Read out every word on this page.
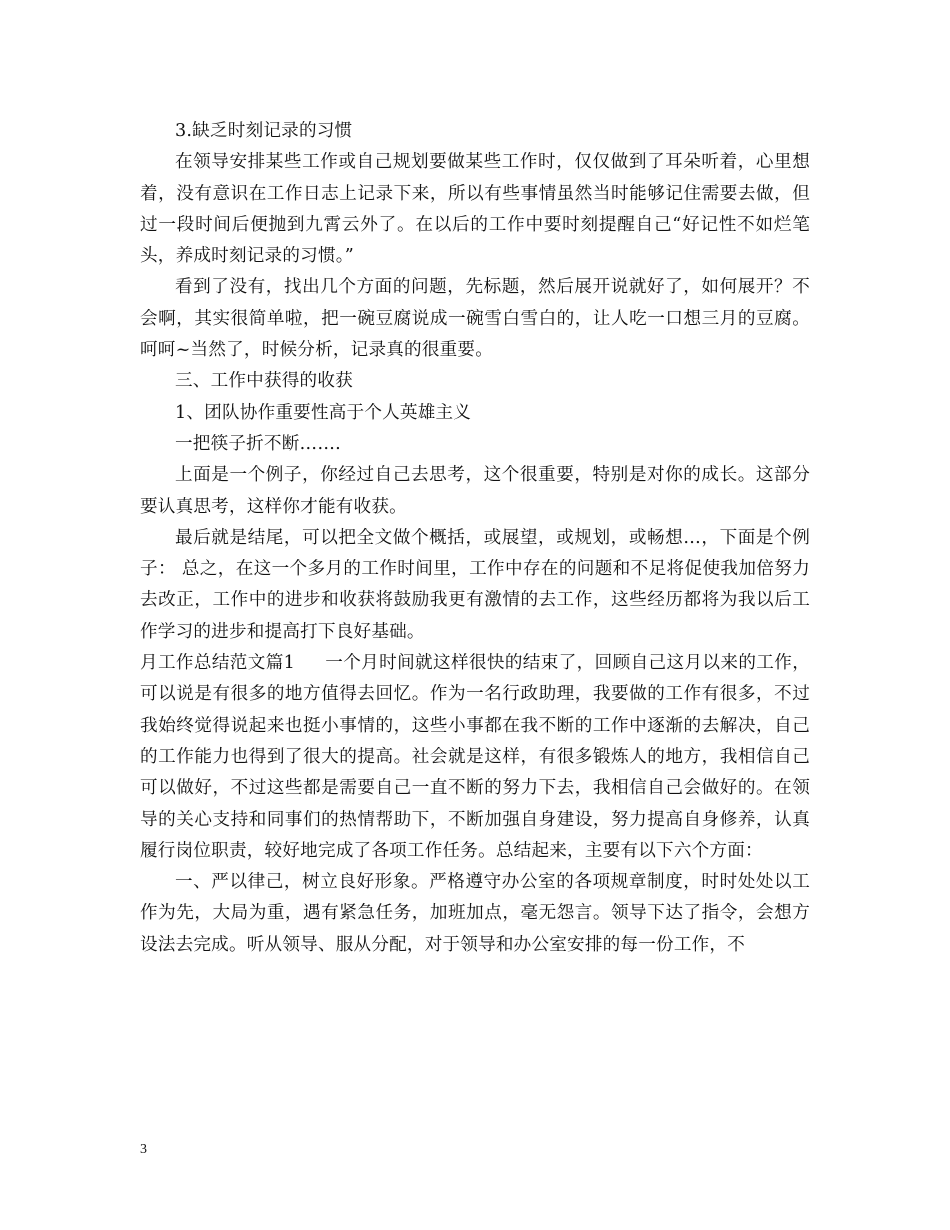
3.缺乏时刻记录的习惯

在领导安排某些工作或自己规划要做某些工作时，仅仅做到了耳朵听着，心里想着，没有意识在工作日志上记录下来，所以有些事情虽然当时能够记住需要去做，但过一段时间后便抛到九霄云外了。在以后的工作中要时刻提醒自己“好记性不如烂笔头，养成时刻记录的习惯。”

看到了没有，找出几个方面的问题，先标题，然后展开说就好了，如何展开？不会啊，其实很简单啦，把一碗豆腐说成一碗雪白雪白的，让人吃一口想三月的豆腐。呵呵~当然了，时候分析，记录真的很重要。

三、工作中获得的收获

1、团队协作重要性高于个人英雄主义

一把筷子折不断…….

上面是一个例子，你经过自己去思考，这个很重要，特别是对你的成长。这部分要认真思考，这样你才能有收获。

最后就是结尾，可以把全文做个概括，或展望，或规划，或畅想…，下面是个例子： 总之，在这一个多月的工作时间里，工作中存在的问题和不足将促使我加倍努力去改正，工作中的进步和收获将鼓励我更有激情的去工作，这些经历都将为我以后工作学习的进步和提高打下良好基础。

月工作总结范文篇1 一个月时间就这样很快的结束了，回顾自己这月以来的工作，可以说是有很多的地方值得去回忆。作为一名行政助理，我要做的工作有很多，不过我始终觉得说起来也挺小事情的，这些小事都在我不断的工作中逐渐的去解决，自己的工作能力也得到了很大的提高。社会就是这样，有很多锻炼人的地方，我相信自己可以做好，不过这些都是需要自己一直不断的努力下去，我相信自己会做好的。在领导的关心支持和同事们的热情帮助下，不断加强自身建设，努力提高自身修养，认真履行岗位职责，较好地完成了各项工作任务。总结起来，主要有以下六个方面：

一、严以律己，树立良好形象。严格遵守办公室的各项规章制度，时时处处以工作为先，大局为重，遇有紧急任务，加班加点，毫无怨言。领导下达了指令，会想方设法去完成。听从领导、服从分配，对于领导和办公室安排的每一份工作，不

3
